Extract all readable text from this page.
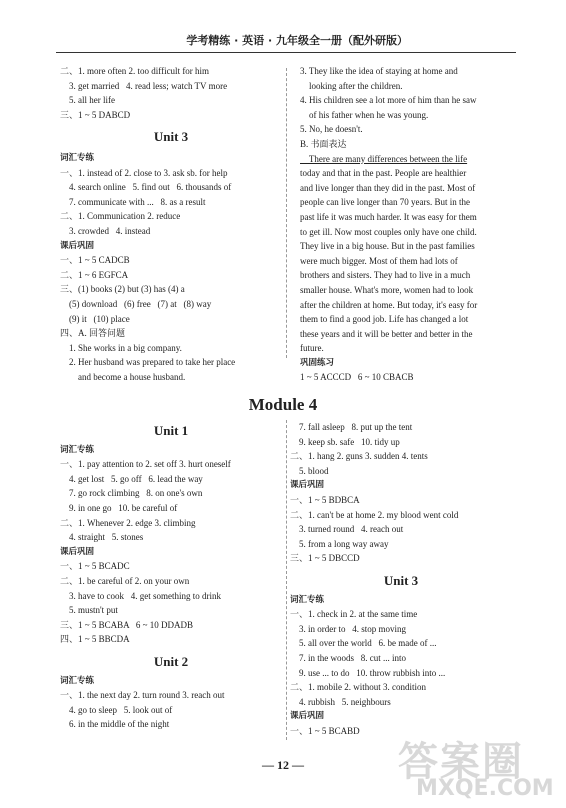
学考精练 · 英语 · 九年级全一册（配外研版）
二、1. more often 2. too difficult for him
3. get married   4. read less; watch TV more
5. all her life
三、1 ~ 5 DABCD
Unit 3
词汇专练
一、1. instead of 2. close to 3. ask sb. for help
4. search online   5. find out   6. thousands of
7. communicate with ...   8. as a result
二、1. Communication 2. reduce
3. crowded   4. instead
课后巩固
一、1 ~ 5 CADCB
二、1 ~ 6 EGFCA
三、(1) books (2) but (3) has (4) a
(5) download   (6) free   (7) at   (8) way
(9) it   (10) place
四、A. 回答问题
1. She works in a big company.
2. Her husband was prepared to take her place
and become a house husband.
3. They like the idea of staying at home and
looking after the children.
4. His children see a lot more of him than he saw
of his father when he was young.
5. No, he doesn't.
B. 书面表达
There are many differences between the life
today and that in the past. People are healthier
and live longer than they did in the past. Most of
people can live longer than 70 years. But in the
past life it was much harder. It was easy for them
to get ill. Now most couples only have one child.
They live in a big house. But in the past families
were much bigger. Most of them had lots of
brothers and sisters. They had to live in a much
smaller house. What's more, women had to look
after the children at home. But today, it's easy for
them to find a good job. Life has changed a lot
these years and it will be better and better in the
future.
巩固练习
1 ~ 5 ACCCD   6 ~ 10 CBACB
Module 4
Unit 1
词汇专练
一、1. pay attention to 2. set off 3. hurt oneself
4. get lost   5. go off   6. lead the way
7. go rock climbing   8. on one's own
9. in one go   10. be careful of
二、1. Whenever 2. edge 3. climbing
4. straight   5. stones
课后巩固
一、1 ~ 5 BCADC
二、1. be careful of 2. on your own
3. have to cook   4. get something to drink
5. mustn't put
三、1 ~ 5 BCABA   6 ~ 10 DDADB
四、1 ~ 5 BBCDA
Unit 2
词汇专练
一、1. the next day 2. turn round 3. reach out
4. go to sleep   5. look out of
6. in the middle of the night
7. fall asleep   8. put up the tent
9. keep sb. safe   10. tidy up
二、1. hang 2. guns 3. sudden 4. tents
5. blood
课后巩固
一、1 ~ 5 BDBCA
二、1. can't be at home 2. my blood went cold
3. turned round   4. reach out
5. from a long way away
三、1 ~ 5 DBCCD
Unit 3
词汇专练
一、1. check in 2. at the same time
3. in order to   4. stop moving
5. all over the world   6. be made of ...
7. in the woods   8. cut ... into
9. use ... to do   10. throw rubbish into ...
二、1. mobile 2. without 3. condition
4. rubbish   5. neighbours
课后巩固
一、1 ~ 5 BCABD
— 12 —	答案圈
MXQE.COM
